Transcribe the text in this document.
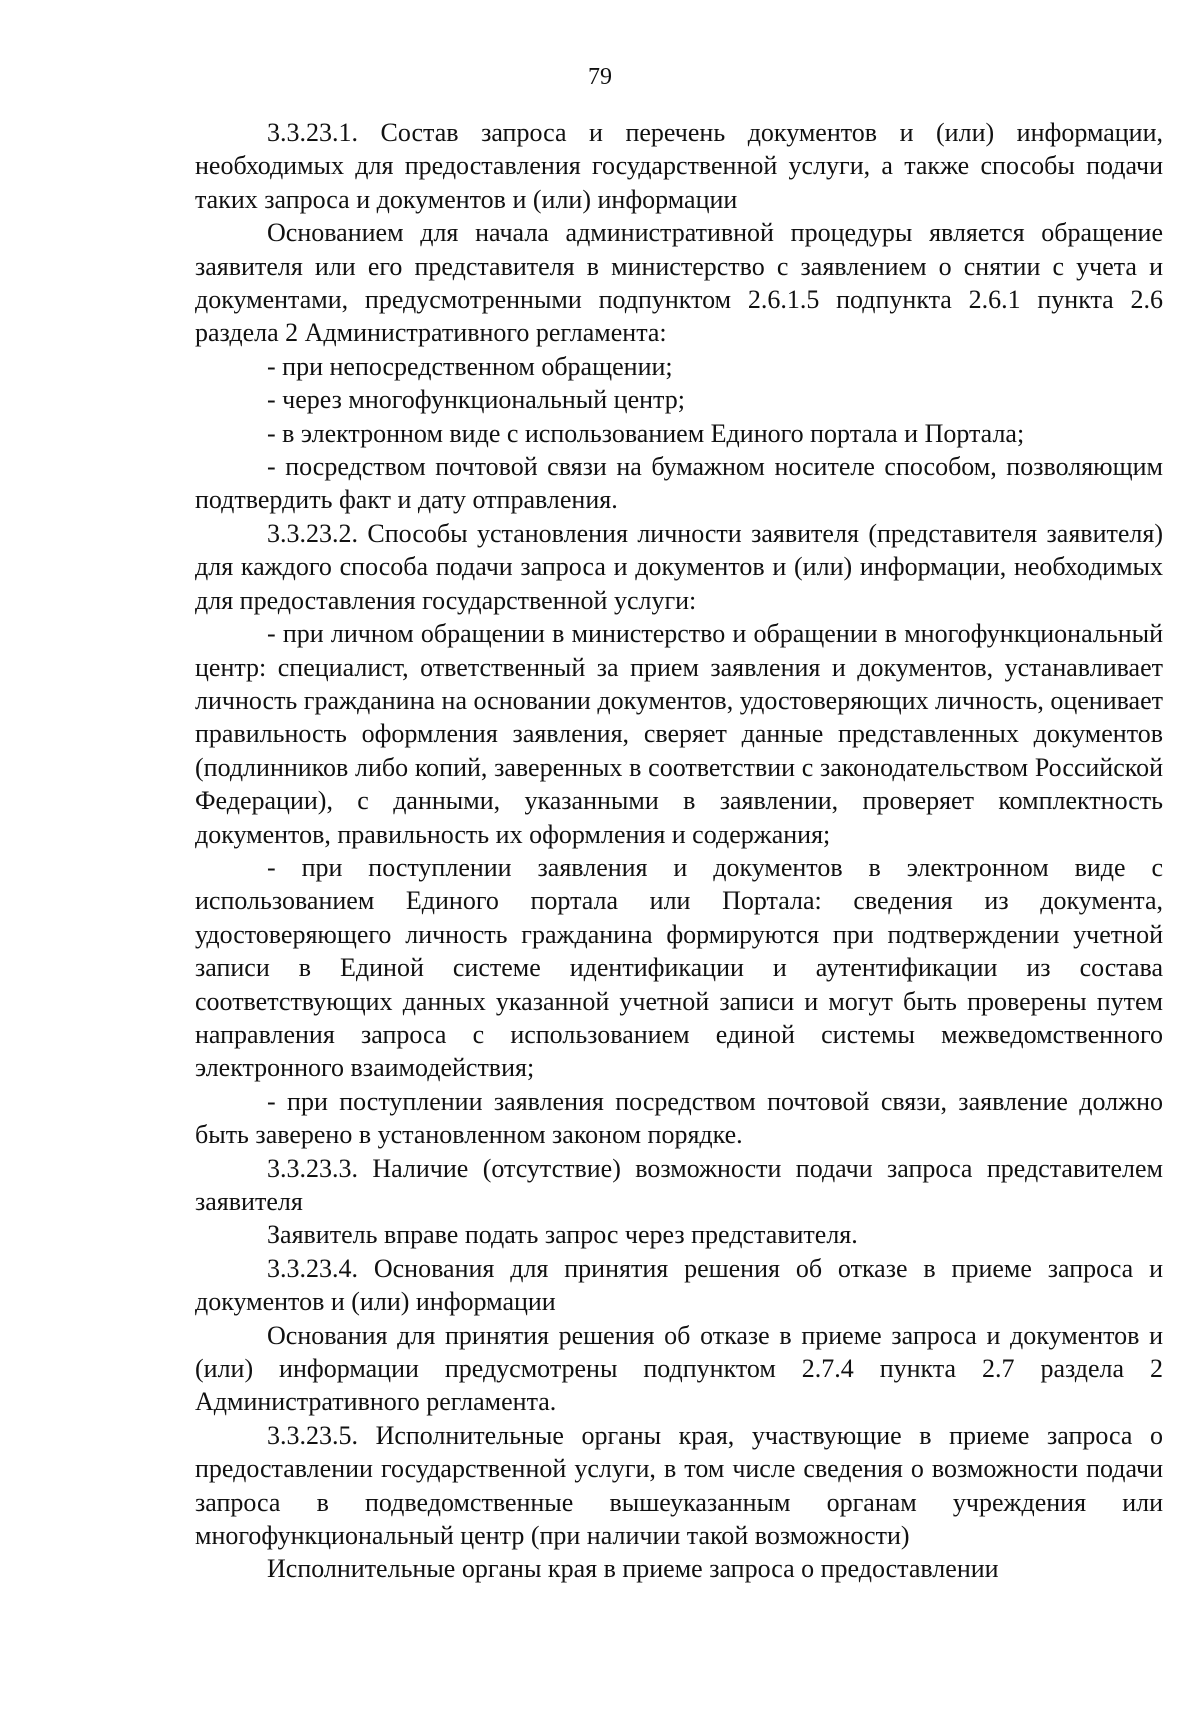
79

3.3.23.1. Состав запроса и перечень документов и (или) информации, необходимых для предоставления государственной услуги, а также способы подачи таких запроса и документов и (или) информации

Основанием для начала административной процедуры является обращение заявителя или его представителя в министерство с заявлением о снятии с учета и документами, предусмотренными подпунктом 2.6.1.5 подпункта 2.6.1 пункта 2.6 раздела 2 Административного регламента:

- при непосредственном обращении;

- через многофункциональный центр;

- в электронном виде с использованием Единого портала и Портала;

- посредством почтовой связи на бумажном носителе способом, позволяющим подтвердить факт и дату отправления.

3.3.23.2. Способы установления личности заявителя (представителя заявителя) для каждого способа подачи запроса и документов и (или) информации, необходимых для предоставления государственной услуги:

- при личном обращении в министерство и обращении в многофункциональный центр: специалист, ответственный за прием заявления и документов, устанавливает личность гражданина на основании документов, удостоверяющих личность, оценивает правильность оформления заявления, сверяет данные представленных документов (подлинников либо копий, заверенных в соответствии с законодательством Российской Федерации), с данными, указанными в заявлении, проверяет комплектность документов, правильность их оформления и содержания;

- при поступлении заявления и документов в электронном виде с использованием Единого портала или Портала: сведения из документа, удостоверяющего личность гражданина формируются при подтверждении учетной записи в Единой системе идентификации и аутентификации из состава соответствующих данных указанной учетной записи и могут быть проверены путем направления запроса с использованием единой системы межведомственного электронного взаимодействия;

- при поступлении заявления посредством почтовой связи, заявление должно быть заверено в установленном законом порядке.

3.3.23.3. Наличие (отсутствие) возможности подачи запроса представителем заявителя

Заявитель вправе подать запрос через представителя.

3.3.23.4. Основания для принятия решения об отказе в приеме запроса и документов и (или) информации

Основания для принятия решения об отказе в приеме запроса и документов и (или) информации предусмотрены подпунктом 2.7.4 пункта 2.7 раздела 2 Административного регламента.

3.3.23.5. Исполнительные органы края, участвующие в приеме запроса о предоставлении государственной услуги, в том числе сведения о возможности подачи запроса в подведомственные вышеуказанным органам учреждения или многофункциональный центр (при наличии такой возможности)

Исполнительные органы края в приеме запроса о предоставлении
